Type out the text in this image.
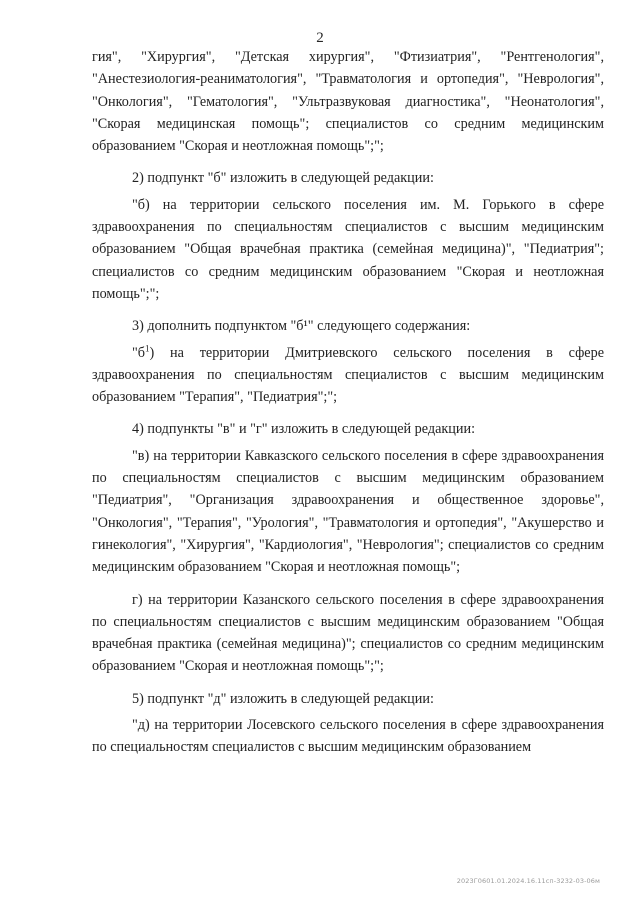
2

гия", "Хирургия", "Детская хирургия", "Фтизиатрия", "Рентгенология", "Анестезиология-реаниматология", "Травматология и ортопедия", "Неврология", "Онкология", "Гематология", "Ультразвуковая диагностика", "Неонатология", "Скорая медицинская помощь"; специалистов со средним медицинским образованием "Скорая и неотложная помощь";";

2) подпункт "б" изложить в следующей редакции:

"б) на территории сельского поселения им. М. Горького в сфере здравоохранения по специальностям специалистов с высшим медицинским образованием "Общая врачебная практика (семейная медицина)", "Педиатрия"; специалистов со средним медицинским образованием "Скорая и неотложная помощь";";

3) дополнить подпунктом "б¹" следующего содержания:

"$б^1$) на территории Дмитриевского сельского поселения в сфере здравоохранения по специальностям специалистов с высшим медицинским образованием "Терапия", "Педиатрия";";

4) подпункты "в" и "г" изложить в следующей редакции:

"в) на территории Кавказского сельского поселения в сфере здравоохранения по специальностям специалистов с высшим медицинским образованием "Педиатрия", "Организация здравоохранения и общественное здоровье", "Онкология", "Терапия", "Урология", "Травматология и ортопедия", "Акушерство и гинекология", "Хирургия", "Кардиология", "Неврология"; специалистов со средним медицинским образованием "Скорая и неотложная помощь";

г) на территории Казанского сельского поселения в сфере здравоохранения по специальностям специалистов с высшим медицинским образованием "Общая врачебная практика (семейная медицина)"; специалистов со средним медицинским образованием "Скорая и неотложная помощь";";

5) подпункт "д" изложить в следующей редакции:

"д) на территории Лосевского сельского поселения в сфере здравоохранения по специальностям специалистов с высшим медицинским образованием

2023Г0601.01.2024.16.11сп-3232-03-06м
